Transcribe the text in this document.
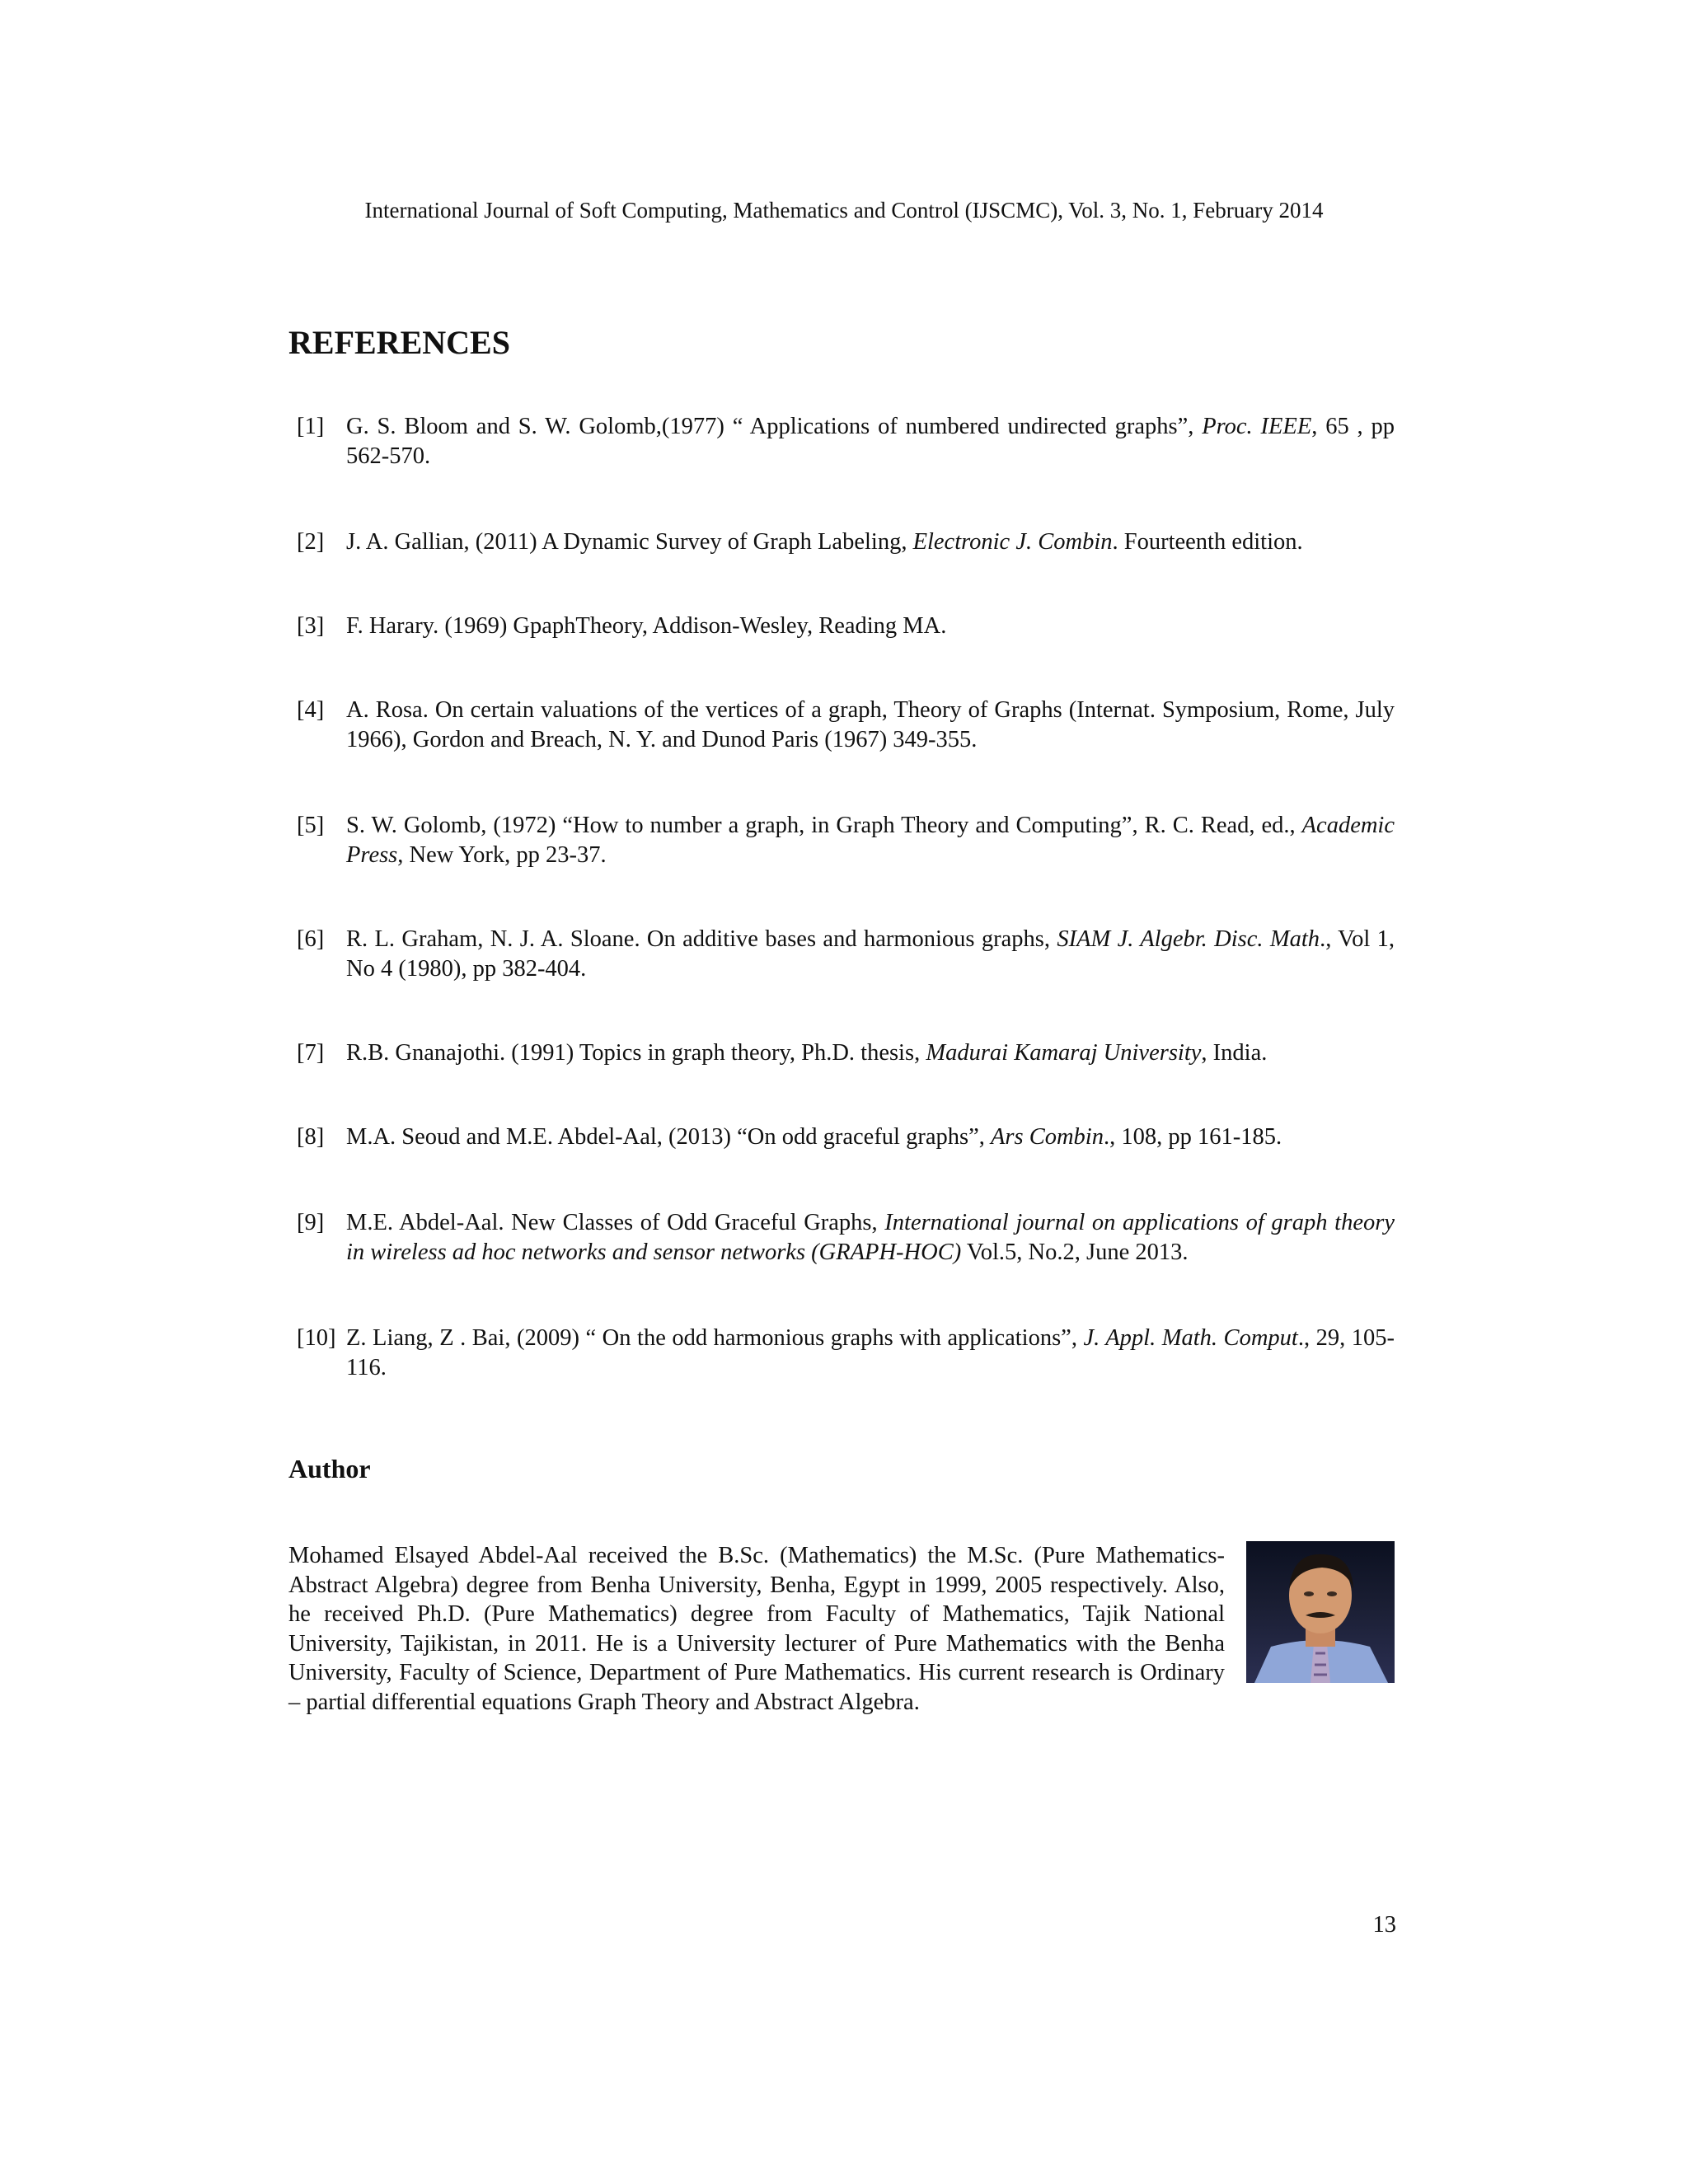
International Journal of Soft Computing, Mathematics and Control (IJSCMC), Vol. 3, No. 1, February 2014
REFERENCES
[1] G. S. Bloom and S. W. Golomb,(1977) “ Applications of numbered undirected graphs”, Proc. IEEE, 65 , pp 562-570.
[2] J. A. Gallian, (2011) A Dynamic Survey of Graph Labeling, Electronic J. Combin. Fourteenth edition.
[3] F. Harary. (1969) GpaphTheory, Addison-Wesley, Reading MA.
[4] A. Rosa. On certain valuations of the vertices of a graph, Theory of Graphs (Internat. Symposium, Rome, July 1966), Gordon and Breach, N. Y. and Dunod Paris (1967) 349-355.
[5] S. W. Golomb, (1972) “How to number a graph, in Graph Theory and Computing”, R. C. Read, ed., Academic Press, New York, pp 23-37.
[6] R. L. Graham, N. J. A. Sloane. On additive bases and harmonious graphs, SIAM J. Algebr. Disc. Math., Vol 1, No 4 (1980), pp 382-404.
[7] R.B. Gnanajothi. (1991) Topics in graph theory, Ph.D. thesis, Madurai Kamaraj University, India.
[8] M.A. Seoud and M.E. Abdel-Aal, (2013) “On odd graceful graphs”, Ars Combin., 108, pp 161-185.
[9] M.E. Abdel-Aal. New Classes of Odd Graceful Graphs, International journal on applications of graph theory in wireless ad hoc networks and sensor networks (GRAPH-HOC) Vol.5, No.2, June 2013.
[10] Z. Liang, Z . Bai, (2009) “ On the odd harmonious graphs with applications”, J. Appl. Math. Comput., 29, 105-116.
Author
Mohamed Elsayed Abdel-Aal received the B.Sc. (Mathematics) the M.Sc. (Pure Mathematics- Abstract Algebra) degree from Benha University, Benha, Egypt in 1999, 2005 respectively. Also, he received Ph.D. (Pure Mathematics) degree from Faculty of Mathematics, Tajik National University, Tajikistan, in 2011. He is a University lecturer of Pure Mathematics with the Benha University, Faculty of Science, Department of Pure Mathematics. His current research is Ordinary – partial differential equations Graph Theory and Abstract Algebra.
13
